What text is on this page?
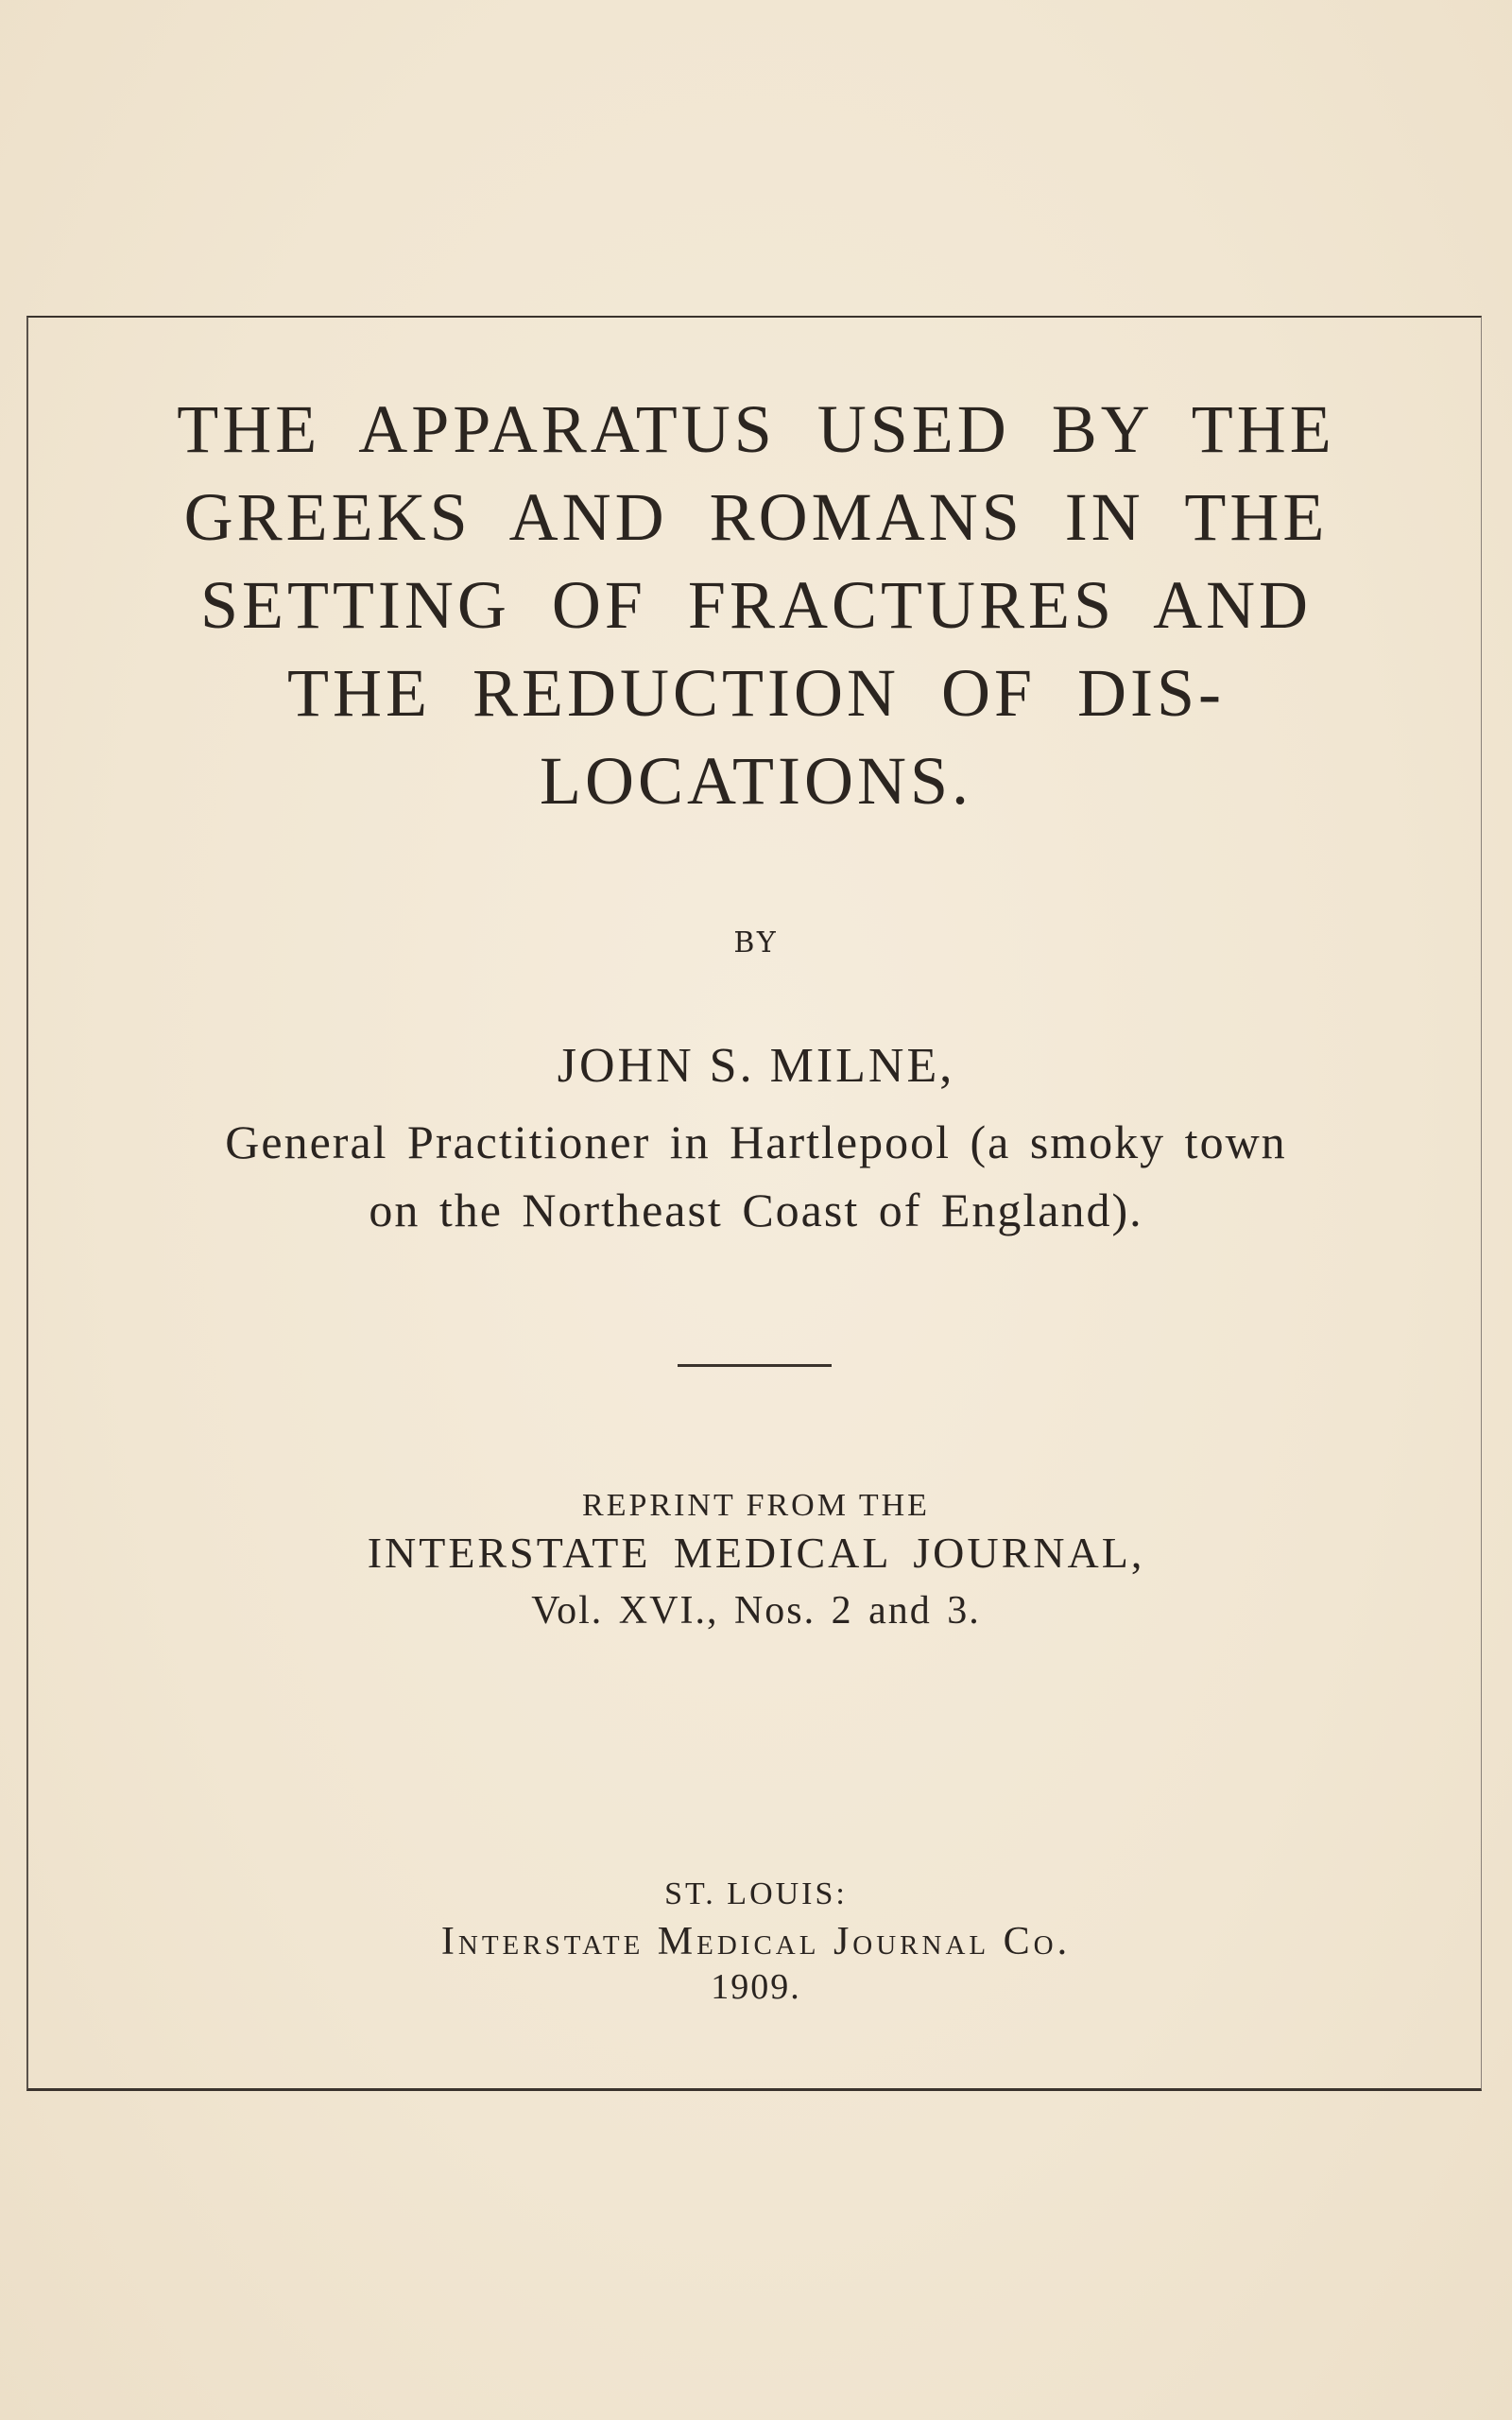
THE APPARATUS USED BY THE
GREEKS AND ROMANS IN THE
SETTING OF FRACTURES AND
THE REDUCTION OF DIS-
LOCATIONS.
BY
JOHN S. MILNE,
General Practitioner in Hartlepool (a smoky town
on the Northeast Coast of England).
REPRINT FROM THE
INTERSTATE MEDICAL JOURNAL,
Vol. XVI., Nos. 2 and 3.
ST. LOUIS:
Interstate Medical Journal Co.
1909.
